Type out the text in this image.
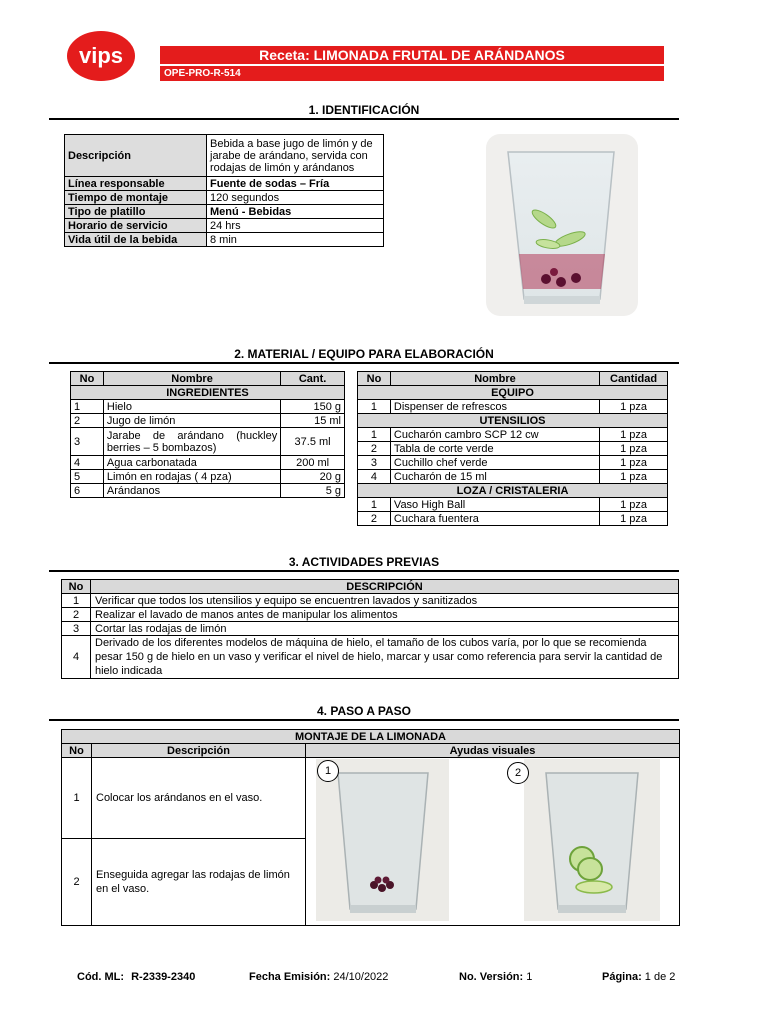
vips	Receta: LIMONADA FRUTAL DE ARÁNDANOS
OPE-PRO-R-514
1. IDENTIFICACIÓN
Descripción	Bebida a base jugo de limón y de jarabe de arándano, servida con rodajas de limón y arándanos
Línea responsable	Fuente de sodas – Fría
Tiempo de montaje	120 segundos
Tipo de platillo	Menú - Bebidas
Horario de servicio	24 hrs
Vida útil de la bebida	8 min
2. MATERIAL / EQUIPO PARA ELABORACIÓN
No	Nombre	Cant.
INGREDIENTES		
1	Hielo	150 g
2	Jugo de limón	15 ml
3	Jarabe de arándano (huckley berries – 5 bombazos)	37.5 ml
4	Agua carbonatada	200 ml
5	Limón en rodajas ( 4 pza)	20 g
6	Arándanos	5 g
No	Nombre	Cantidad
EQUIPO		
1	Dispenser de refrescos	1 pza
UTENSILIOS		
1	Cucharón cambro SCP 12 cw	1 pza
2	Tabla de corte verde	1 pza
3	Cuchillo chef verde	1 pza
4	Cucharón de 15 ml	1 pza
LOZA / CRISTALERIA		
1	Vaso High Ball	1 pza
2	Cuchara fuentera	1 pza
3. ACTIVIDADES PREVIAS
No	DESCRIPCIÓN
1	Verificar que todos los utensilios y equipo se encuentren lavados y sanitizados
2	Realizar el lavado de manos antes de manipular los alimentos
3	Cortar las rodajas de limón
4	Derivado de los diferentes modelos de máquina de hielo, el tamaño de los cubos varía, por lo que se recomienda pesar 150 g de hielo en un vaso y verificar el nivel de hielo, marcar y usar como referencia para servir la cantidad de hielo indicada
4. PASO A PASO
MONTAJE DE LA LIMONADA		
No	Descripción	Ayudas visuales
1	Colocar los arándanos en el vaso.	
2	Enseguida agregar las rodajas de limón en el vaso.	
1	2
Cód. ML: R-2339-2340	Fecha Emisión: 24/10/2022	No. Versión: 1	Página: 1 de 2
